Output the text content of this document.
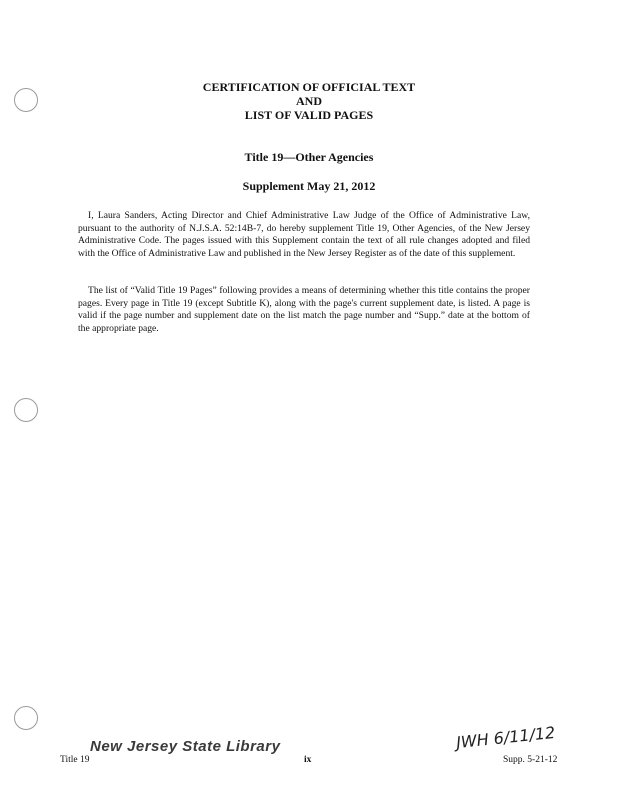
CERTIFICATION OF OFFICIAL TEXT
AND
LIST OF VALID PAGES
Title 19—Other Agencies
Supplement May 21, 2012

I, Laura Sanders, Acting Director and Chief Administrative Law Judge of the Office of Administrative Law, pursuant to the authority of N.J.S.A. 52:14B-7, do hereby supplement Title 19, Other Agencies, of the New Jersey Administrative Code. The pages issued with this Supplement contain the text of all rule changes adopted and filed with the Office of Administrative Law and published in the New Jersey Register as of the date of this supplement.

The list of “Valid Title 19 Pages” following provides a means of determining whether this title contains the proper pages. Every page in Title 19 (except Subtitle K), along with the page's current supplement date, is listed. A page is valid if the page number and supplement date on the list match the page number and “Supp.” date at the bottom of the appropriate page.

New Jersey State Library	JWH 6/11/12
Title 19	ix	Supp. 5-21-12
